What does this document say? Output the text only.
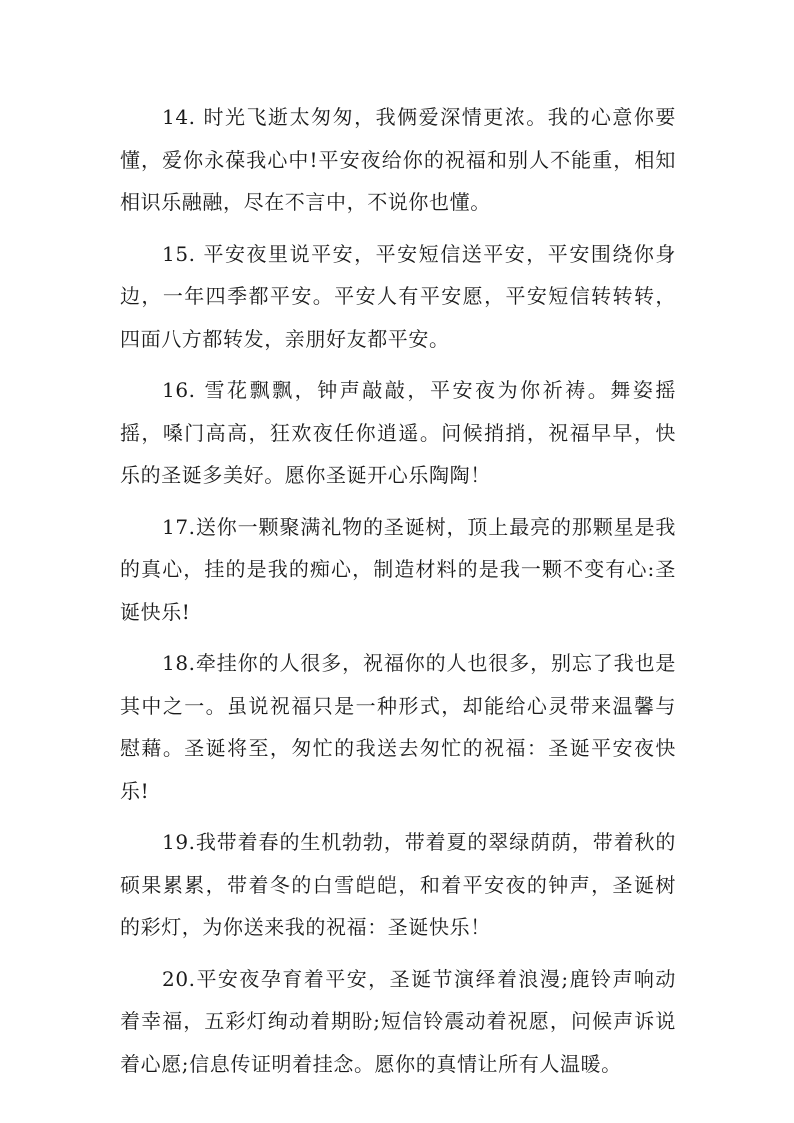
14. 时光飞逝太匆匆，我俩爱深情更浓。我的心意你要懂，爱你永葆我心中!平安夜给你的祝福和别人不能重，相知相识乐融融，尽在不言中，不说你也懂。

15. 平安夜里说平安，平安短信送平安，平安围绕你身边，一年四季都平安。平安人有平安愿，平安短信转转转，四面八方都转发，亲朋好友都平安。

16. 雪花飘飘，钟声敲敲，平安夜为你祈祷。舞姿摇摇，嗓门高高，狂欢夜任你逍遥。问候捎捎，祝福早早，快乐的圣诞多美好。愿你圣诞开心乐陶陶！

17.送你一颗聚满礼物的圣诞树，顶上最亮的那颗星是我的真心，挂的是我的痴心，制造材料的是我一颗不变有心:圣诞快乐!

18.牵挂你的人很多，祝福你的人也很多，别忘了我也是其中之一。虽说祝福只是一种形式，却能给心灵带来温馨与慰藉。圣诞将至，匆忙的我送去匆忙的祝福：圣诞平安夜快乐!

19.我带着春的生机勃勃，带着夏的翠绿荫荫，带着秋的硕果累累，带着冬的白雪皑皑，和着平安夜的钟声，圣诞树的彩灯，为你送来我的祝福：圣诞快乐！

20.平安夜孕育着平安，圣诞节演绎着浪漫;鹿铃声响动着幸福，五彩灯绚动着期盼;短信铃震动着祝愿，问候声诉说着心愿;信息传证明着挂念。愿你的真情让所有人温暖。
